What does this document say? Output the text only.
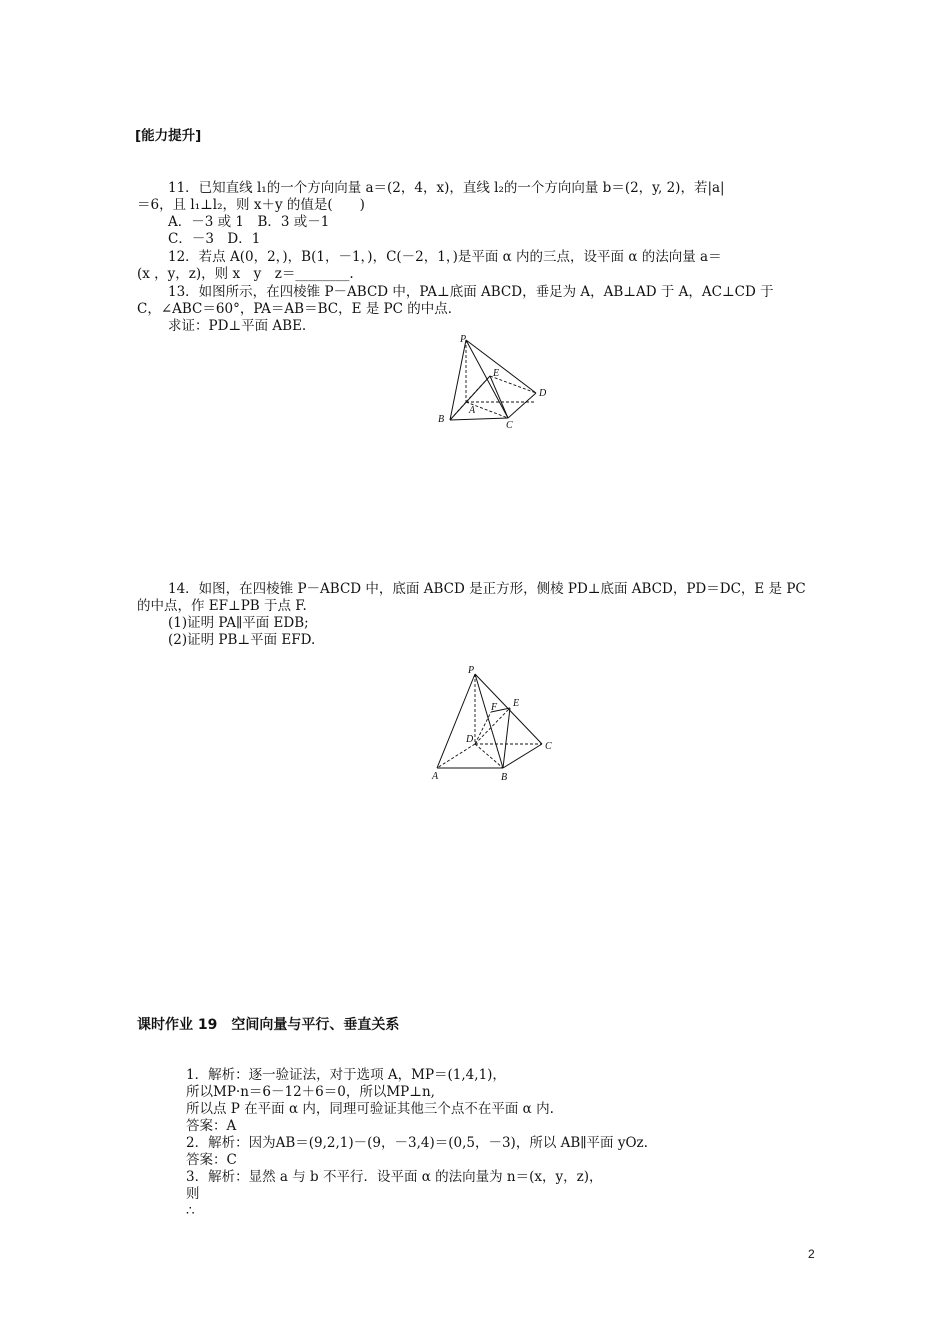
[能力提升]
11．已知直线 l₁的一个方向向量 a＝(2，4，x)，直线 l₂的一个方向向量 b＝(2，y, 2)，若|a|
＝6，且 l₁⊥l₂，则 x＋y 的值是(　　)
A．－3 或 1　B．3 或－1
C．－3　D．1
12．若点 A(0，2，)，B(1，－1，)，C(－2，1，)是平面 α 内的三点，设平面 α 的法向量 a＝
(x ，y，z)，则 x　y　z＝________.
13．如图所示，在四棱锥 P－ABCD 中，PA⊥底面 ABCD，垂足为 A，AB⊥AD 于 A，AC⊥CD 于
C，∠ABC＝60°，PA＝AB＝BC，E 是 PC 的中点．
求证：PD⊥平面 ABE.
P
E
D
A
B
C
14．如图，在四棱锥 P－ABCD 中，底面 ABCD 是正方形，侧棱 PD⊥底面 ABCD，PD＝DC，E 是 PC
的中点，作 EF⊥PB 于点 F.
(1)证明 PA∥平面 EDB;
(2)证明 PB⊥平面 EFD.
P
E
F
D
C
A	B
课时作业 19　空间向量与平行、垂直关系
1．解析：逐一验证法，对于选项 A，MP＝(1,4,1)，
所以MP·n＝6－12＋6＝0，所以MP⊥n,
所以点 P 在平面 α 内，同理可验证其他三个点不在平面 α 内.
答案：A
2．解析：因为AB＝(9,2,1)－(9，－3,4)＝(0,5，－3)，所以 AB∥平面 yOz.
答案：C
3．解析：显然 a 与 b 不平行．设平面 α 的法向量为 n＝(x，y，z)，
则
∴
2
